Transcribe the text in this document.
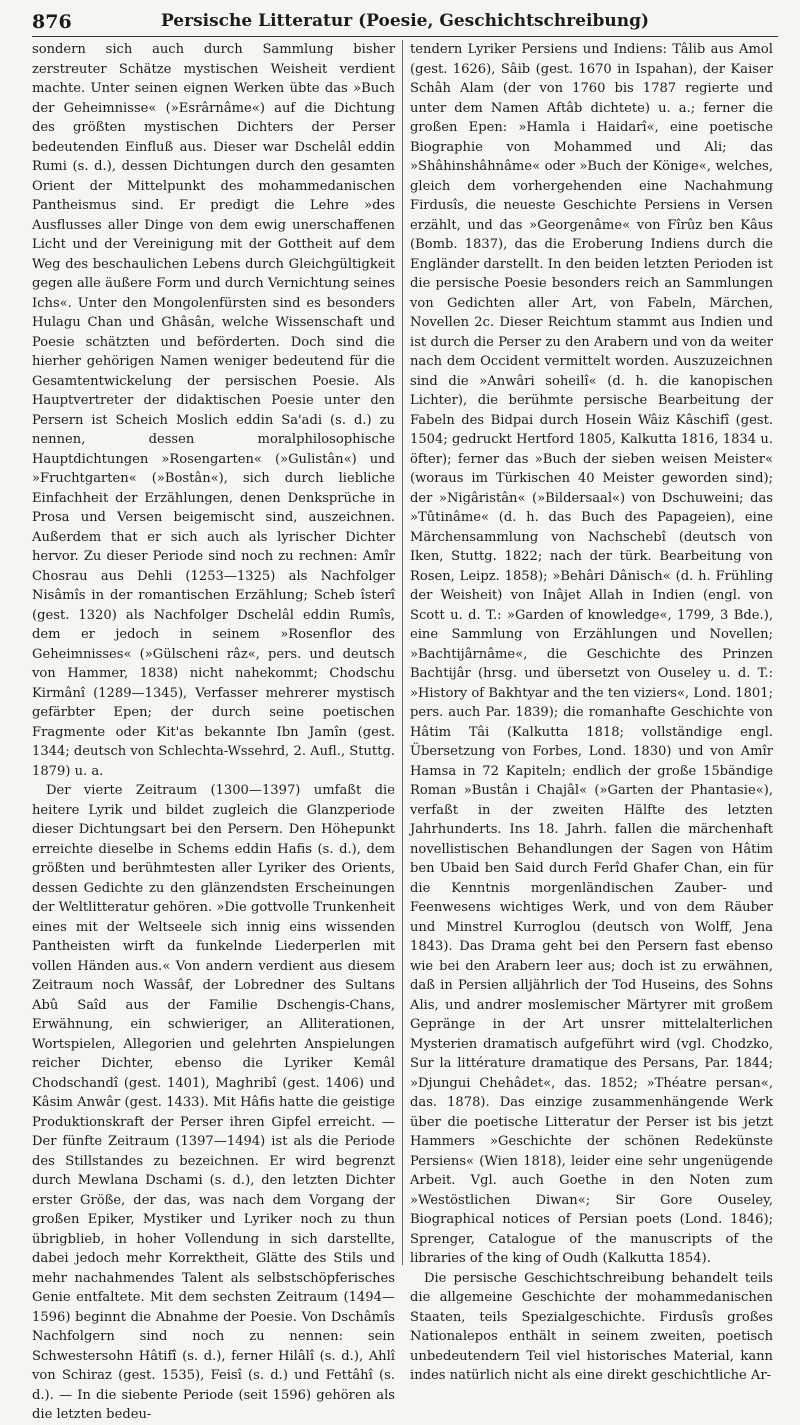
876	Persische Litteratur (Poesie, Geschichtschreibung)

sondern sich auch durch Sammlung bisher zerstreuter Schätze mystischen Weisheit verdient machte. Unter seinen eignen Werken übte das »Buch der Geheimnisse« (»Esrârnâme«) auf die Dichtung des größten mystischen Dichters der Perser bedeutenden Einfluß aus. Dieser war Dschelâl eddin Rumi (s. d.), dessen Dichtungen durch den gesamten Orient der Mittelpunkt des mohammedanischen Pantheismus sind. Er predigt die Lehre »des Ausflusses aller Dinge von dem ewig unerschaffenen Licht und der Vereinigung mit der Gottheit auf dem Weg des beschaulichen Lebens durch Gleichgültigkeit gegen alle äußere Form und durch Vernichtung seines Ichs«. Unter den Mongolenfürsten sind es besonders Hulagu Chan und Ghâsân, welche Wissenschaft und Poesie schätzten und beförderten. Doch sind die hierher gehörigen Namen weniger bedeutend für die Gesamtentwickelung der persischen Poesie. Als Hauptvertreter der didaktischen Poesie unter den Persern ist Scheich Moslich eddin Sa'adi (s. d.) zu nennen, dessen moralphilosophische Hauptdichtungen »Rosengarten« (»Gulistân«) und »Fruchtgarten« (»Bostân«), sich durch liebliche Einfachheit der Erzählungen, denen Denksprüche in Prosa und Versen beigemischt sind, auszeichnen. Außerdem that er sich auch als lyrischer Dichter hervor. Zu dieser Periode sind noch zu rechnen: Amîr Chosrau aus Dehli (1253—1325) als Nachfolger Nisâmîs in der romantischen Erzählung; Scheb îsterî (gest. 1320) als Nachfolger Dschelâl eddin Rumîs, dem er jedoch in seinem »Rosenflor des Geheimnisses« (»Gülscheni râz«, pers. und deutsch von Hammer, 1838) nicht nahekommt; Chodschu Kirmânî (1289—1345), Verfasser mehrerer mystisch gefärbter Epen; der durch seine poetischen Fragmente oder Kit'as bekannte Ibn Jamîn (gest. 1344; deutsch von Schlechta-Wssehrd, 2. Aufl., Stuttg. 1879) u. a.

Der vierte Zeitraum (1300—1397) umfaßt die heitere Lyrik und bildet zugleich die Glanzperiode dieser Dichtungsart bei den Persern. Den Höhepunkt erreichte dieselbe in Schems eddin Hafis (s. d.), dem größten und berühmtesten aller Lyriker des Orients, dessen Gedichte zu den glänzendsten Erscheinungen der Weltlitteratur gehören. »Die gottvolle Trunkenheit eines mit der Weltseele sich innig eins wissenden Pantheisten wirft da funkelnde Liederperlen mit vollen Händen aus.« Von andern verdient aus diesem Zeitraum noch Wassâf, der Lobredner des Sultans Abû Saîd aus der Familie Dschengis-Chans, Erwähnung, ein schwieriger, an Alliterationen, Wortspielen, Allegorien und gelehrten Anspielungen reicher Dichter, ebenso die Lyriker Kemâl Chodschandî (gest. 1401), Maghribî (gest. 1406) und Kâsim Anwâr (gest. 1433). Mit Hâfis hatte die geistige Produktionskraft der Perser ihren Gipfel erreicht. — Der fünfte Zeitraum (1397—1494) ist als die Periode des Stillstandes zu bezeichnen. Er wird begrenzt durch Mewlana Dschami (s. d.), den letzten Dichter erster Größe, der das, was nach dem Vorgang der großen Epiker, Mystiker und Lyriker noch zu thun übrigblieb, in hoher Vollendung in sich darstellte, dabei jedoch mehr Korrektheit, Glätte des Stils und mehr nachahmendes Talent als selbstschöpferisches Genie entfaltete. Mit dem sechsten Zeitraum (1494—1596) beginnt die Abnahme der Poesie. Von Dschâmîs Nachfolgern sind noch zu nennen: sein Schwestersohn Hâtifî (s. d.), ferner Hilâlî (s. d.), Ahlî von Schiraz (gest. 1535), Feisî (s. d.) und Fettâhî (s. d.). — In die siebente Periode (seit 1596) gehören als die letzten bedeu-

tendern Lyriker Persiens und Indiens: Tâlib aus Amol (gest. 1626), Sâib (gest. 1670 in Ispahan), der Kaiser Schâh Alam (der von 1760 bis 1787 regierte und unter dem Namen Aftâb dichtete) u. a.; ferner die großen Epen: »Hamla i Haidarî«, eine poetische Biographie von Mohammed und Ali; das »Shâhinshâhnâme« oder »Buch der Könige«, welches, gleich dem vorhergehenden eine Nachahmung Firdusîs, die neueste Geschichte Persiens in Versen erzählt, und das »Georgenâme« von Fîrûz ben Kâus (Bomb. 1837), das die Eroberung Indiens durch die Engländer darstellt. In den beiden letzten Perioden ist die persische Poesie besonders reich an Sammlungen von Gedichten aller Art, von Fabeln, Märchen, Novellen 2c. Dieser Reichtum stammt aus Indien und ist durch die Perser zu den Arabern und von da weiter nach dem Occident vermittelt worden. Auszuzeichnen sind die »Anwâri soheilî« (d. h. die kanopischen Lichter), die berühmte persische Bearbeitung der Fabeln des Bidpai durch Hosein Wâiz Kâschifî (gest. 1504; gedruckt Hertford 1805, Kalkutta 1816, 1834 u. öfter); ferner das »Buch der sieben weisen Meister« (woraus im Türkischen 40 Meister geworden sind); der »Nigâristân« (»Bildersaal«) von Dschuweini; das »Tûtinâme« (d. h. das Buch des Papageien), eine Märchensammlung von Nachschebî (deutsch von Iken, Stuttg. 1822; nach der türk. Bearbeitung von Rosen, Leipz. 1858); »Behâri Dânisch« (d. h. Frühling der Weisheit) von Inâjet Allah in Indien (engl. von Scott u. d. T.: »Garden of knowledge«, 1799, 3 Bde.), eine Sammlung von Erzählungen und Novellen; »Bachtijârnâme«, die Geschichte des Prinzen Bachtijâr (hrsg. und übersetzt von Ouseley u. d. T.: »History of Bakhtyar and the ten viziers«, Lond. 1801; pers. auch Par. 1839); die romanhafte Geschichte von Hâtim Tâi (Kalkutta 1818; vollständige engl. Übersetzung von Forbes, Lond. 1830) und von Amîr Hamsa in 72 Kapiteln; endlich der große 15bändige Roman »Bustân i Chajâl« (»Garten der Phantasie«), verfaßt in der zweiten Hälfte des letzten Jahrhunderts. Ins 18. Jahrh. fallen die märchenhaft novellistischen Behandlungen der Sagen von Hâtim ben Ubaid ben Said durch Ferîd Ghafer Chan, ein für die Kenntnis morgenländischen Zauber- und Feenwesens wichtiges Werk, und von dem Räuber und Minstrel Kurroglou (deutsch von Wolff, Jena 1843). Das Drama geht bei den Persern fast ebenso wie bei den Arabern leer aus; doch ist zu erwähnen, daß in Persien alljährlich der Tod Huseins, des Sohns Alis, und andrer moslemischer Märtyrer mit großem Gepränge in der Art unsrer mittelalterlichen Mysterien dramatisch aufgeführt wird (vgl. Chodzko, Sur la littérature dramatique des Persans, Par. 1844; »Djungui Chehâdet«, das. 1852; »Théatre persan«, das. 1878). Das einzige zusammenhängende Werk über die poetische Litteratur der Perser ist bis jetzt Hammers »Geschichte der schönen Redekünste Persiens« (Wien 1818), leider eine sehr ungenügende Arbeit. Vgl. auch Goethe in den Noten zum »Westöstlichen Diwan«; Sir Gore Ouseley, Biographical notices of Persian poets (Lond. 1846); Sprenger, Catalogue of the manuscripts of the libraries of the king of Oudh (Kalkutta 1854).

Die persische Geschichtschreibung behandelt teils die allgemeine Geschichte der mohammedanischen Staaten, teils Spezialgeschichte. Firdusîs großes Nationalepos enthält in seinem zweiten, poetisch unbedeutendern Teil viel historisches Material, kann indes natürlich nicht als eine direkt geschichtliche Ar-
